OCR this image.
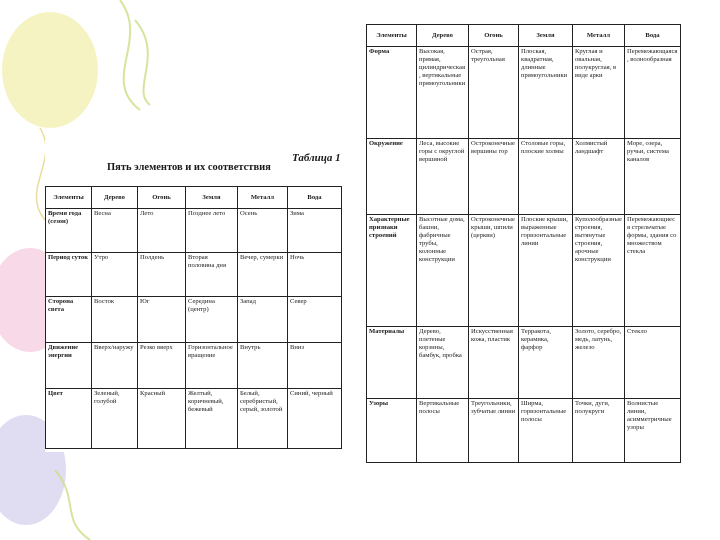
Таблица 1
Пять элементов и их соответствия
Элементы	Дерево	Огонь	Земля	Металл	Вода
Время года (сезон)	Весна	Лето	Позднее лето	Осень	Зима
Период суток	Утро	Полдень	Вторая половина дня	Вечер, сумерки	Ночь
Сторона света	Восток	Юг	Середина (центр)	Запад	Север
Движение энергии	Вверх/наружу	Резко вверх	Горизонтальное вращение	Внутрь	Вниз
Цвет	Зеленый, голубой	Красный	Желтый, коричневый, бежевый	Белый, серебристый, серый, золотой	Синий, черный
Элементы	Дерево	Огонь	Земля	Металл	Вода
Форма	Высокая, прямая, цилиндрическая, вертикальные прямоугольники	Острая, треугольная	Плоская, квадратная, длинные прямоугольники	Круглая и овальная, полукруглая, в виде арки	Перемежающаяся, волнообразная
Окружение	Леса, высокие горы с округлой вершиной	Остроконечные вершины гор	Столовые горы, плоские холмы	Холмистый ландшафт	Море, озера, ручьи, система каналов
Характерные признаки строений	Высотные дома, башни, фабричные трубы, колонные конструкции	Остроконечные крыши, шпили (церкви)	Плоские крыши, выраженные горизонтальные линии	Куполообразные строения, вытянутые строения, арочные конструкции	Перемежающиеся стрельчатые формы, здания со множеством стекла
Материалы	Дерево, плетеные корзины, бамбук, пробка	Искусственная кожа, пластик	Терракота, керамика, фарфор	Золото, серебро, медь, латунь, железо	Стекло
Узоры	Вертикальные полосы	Треугольники, зубчатые линии	Ширма, горизонтальные полосы	Точки, дуги, полукруги	Волнистые линии, асимметричные узоры
